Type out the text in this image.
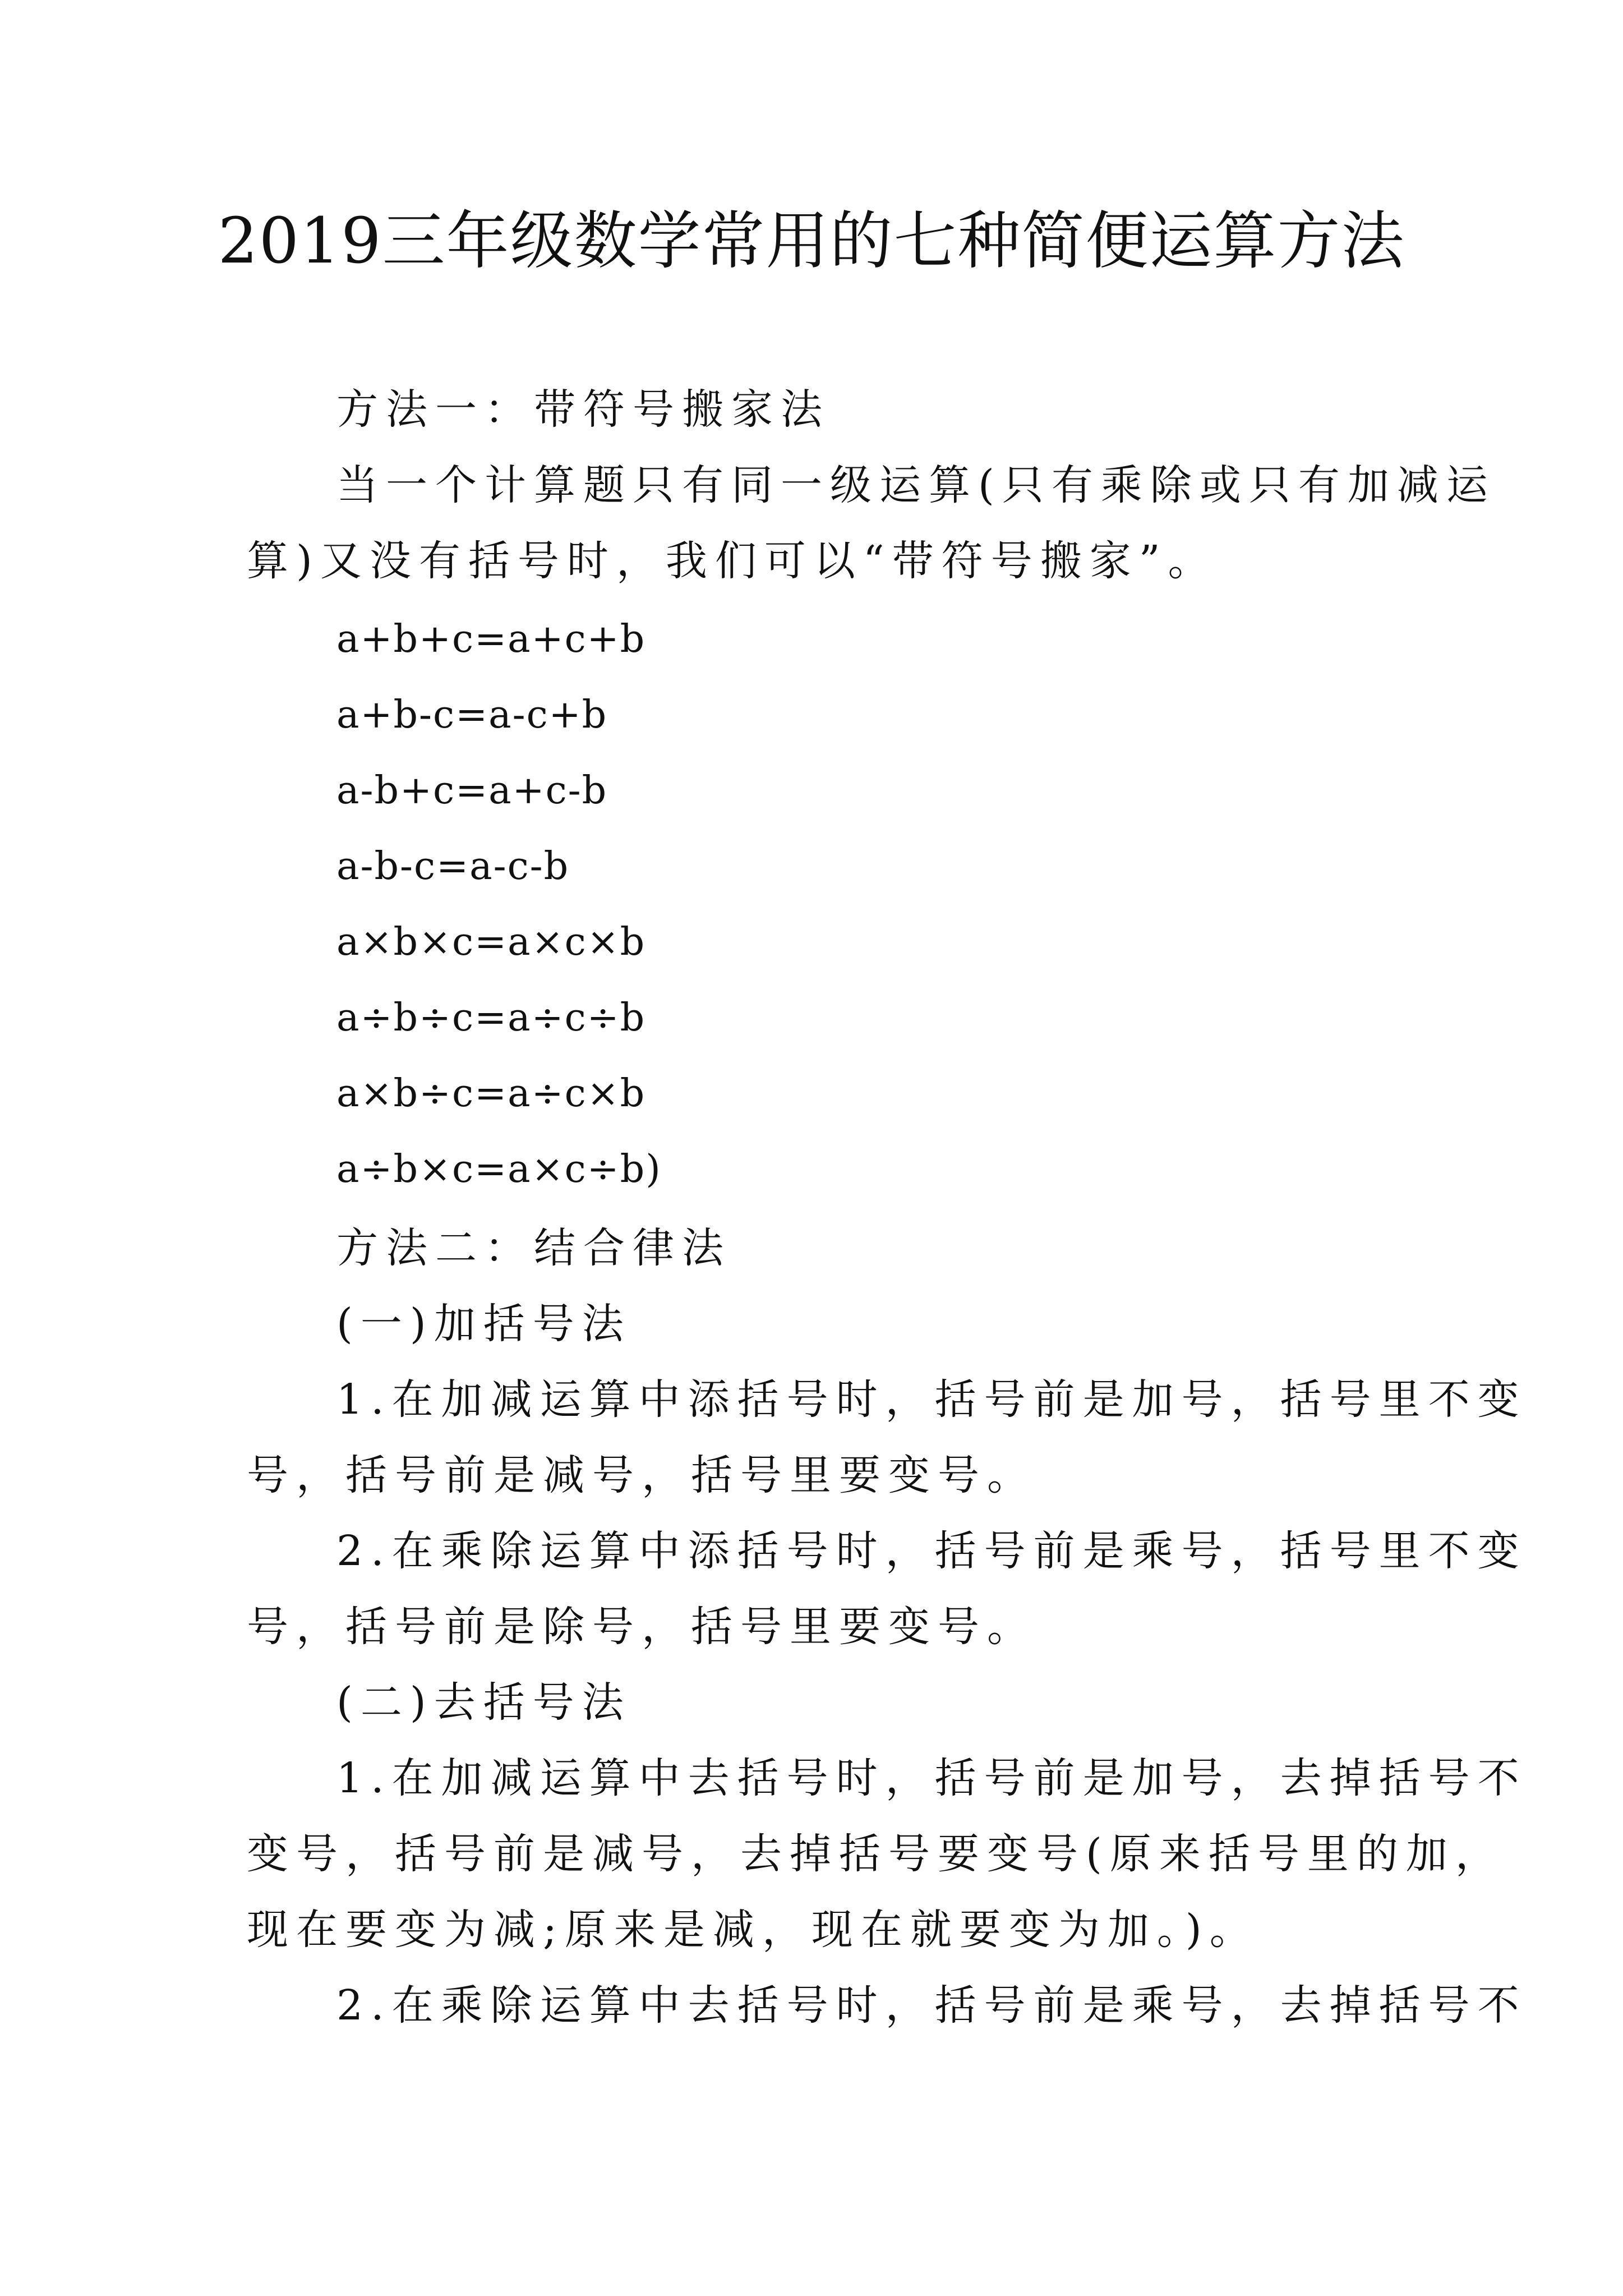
2019三年级数学常用的七种简便运算方法
方法一：带符号搬家法
当一个计算题只有同一级运算(只有乘除或只有加减运
算)又没有括号时，我们可以“带符号搬家”。
a+b+c=a+c+b
a+b-c=a-c+b
a-b+c=a+c-b
a-b-c=a-c-b
a×b×c=a×c×b
a÷b÷c=a÷c÷b
a×b÷c=a÷c×b
a÷b×c=a×c÷b)
方法二：结合律法
(一)加括号法
1.在加减运算中添括号时，括号前是加号，括号里不变
号，括号前是减号，括号里要变号。
2.在乘除运算中添括号时，括号前是乘号，括号里不变
号，括号前是除号，括号里要变号。
(二)去括号法
1.在加减运算中去括号时，括号前是加号，去掉括号不
变号，括号前是减号，去掉括号要变号(原来括号里的加，
现在要变为减;原来是减，现在就要变为加。)。
2.在乘除运算中去括号时，括号前是乘号，去掉括号不
